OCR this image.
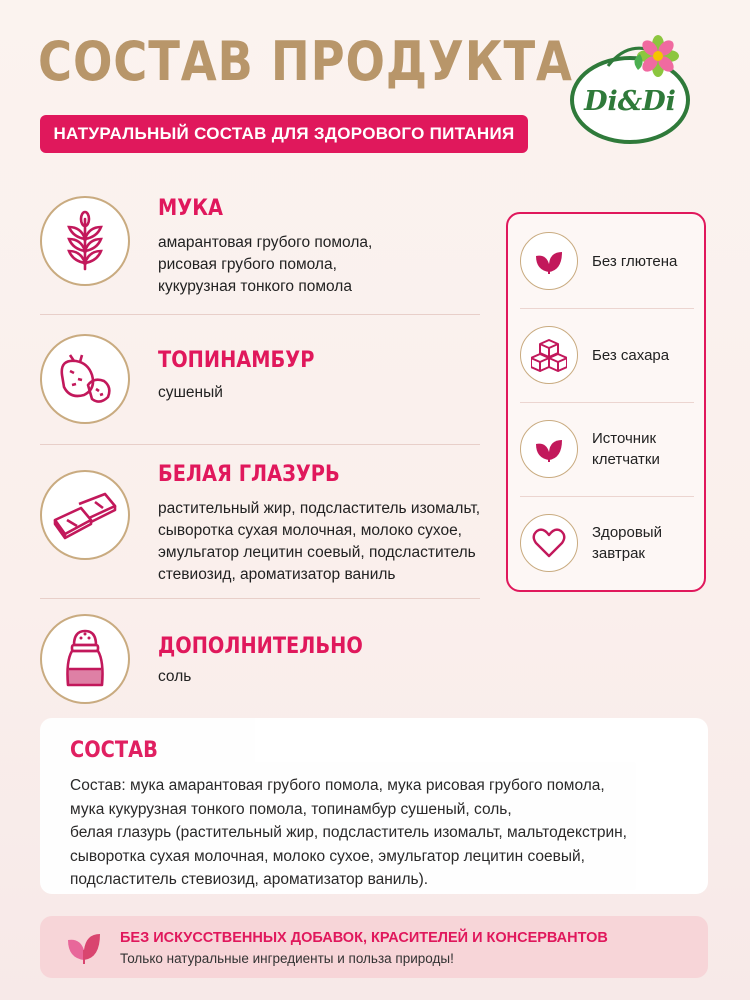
СОСТАВ ПРОДУКТА
НАТУРАЛЬНЫЙ СОСТАВ ДЛЯ ЗДОРОВОГО ПИТАНИЯ
Di&Di
МУКА
амарантовая грубого помола,
рисовая грубого помола,
кукурузная тонкого помола
ТОПИНАМБУР
сушеный
БЕЛАЯ ГЛАЗУРЬ
растительный жир, подсластитель изомальт,
сыворотка сухая молочная, молоко сухое,
эмульгатор лецитин соевый, подсластитель
стевиозид, ароматизатор ваниль
ДОПОЛНИТЕЛЬНО
соль
Без глютена
Без сахара
Источник
клетчатки
Здоровый
завтрак
СОСТАВ
Состав: мука амарантовая грубого помола, мука рисовая грубого помола,
мука кукурузная тонкого помола, топинамбур сушеный, соль,
белая глазурь (растительный жир, подсластитель изомальт, мальтодекстрин,
сыворотка сухая молочная, молоко сухое, эмульгатор лецитин соевый,
подсластитель стевиозид, ароматизатор ваниль).
БЕЗ ИСКУССТВЕННЫХ ДОБАВОК, КРАСИТЕЛЕЙ И КОНСЕРВАНТОВ
Только натуральные ингредиенты и польза природы!
